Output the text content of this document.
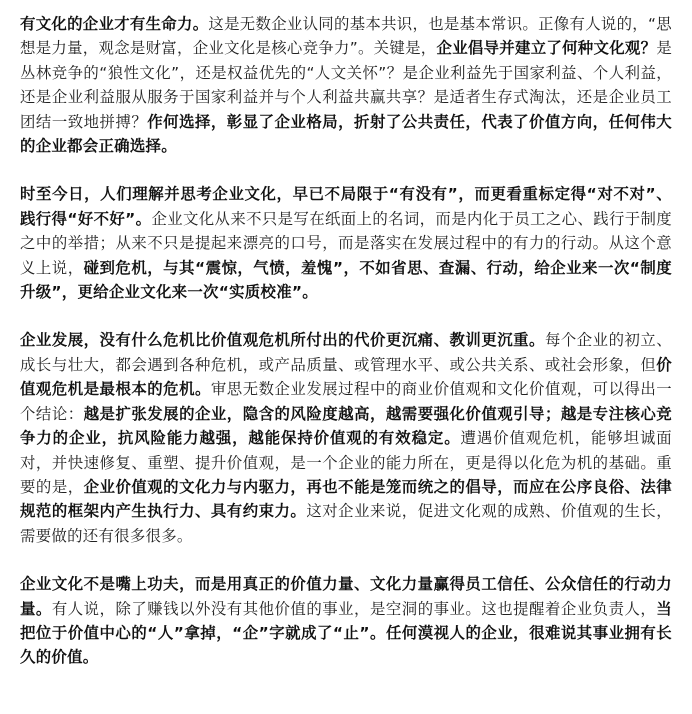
有文化的企业才有生命力。这是无数企业认同的基本共识，也是基本常识。正像有人说的，“思想是力量，观念是财富，企业文化是核心竞争力”。关键是，企业倡导并建立了何种文化观？是丛林竞争的“狼性文化”，还是权益优先的“人文关怀”？是企业利益先于国家利益、个人利益，还是企业利益服从服务于国家利益并与个人利益共赢共享？是适者生存式淘汰，还是企业员工团结一致地拼搏？作何选择，彰显了企业格局，折射了公共责任，代表了价值方向，任何伟大的企业都会正确选择。

时至今日，人们理解并思考企业文化，早已不局限于“有没有”，而更看重标定得“对不对”、践行得“好不好”。企业文化从来不只是写在纸面上的名词，而是内化于员工之心、践行于制度之中的举措；从来不只是提起来漂亮的口号，而是落实在发展过程中的有力的行动。从这个意义上说，碰到危机，与其“震惊，气愤，羞愧”，不如省思、查漏、行动，给企业来一次“制度升级”，更给企业文化来一次“实质校准”。

企业发展，没有什么危机比价值观危机所付出的代价更沉痛、教训更沉重。每个企业的初立、成长与壮大，都会遇到各种危机，或产品质量、或管理水平、或公共关系、或社会形象，但价值观危机是最根本的危机。审思无数企业发展过程中的商业价值观和文化价值观，可以得出一个结论：越是扩张发展的企业，隐含的风险度越高，越需要强化价值观引导；越是专注核心竞争力的企业，抗风险能力越强，越能保持价值观的有效稳定。遭遇价值观危机，能够坦诚面对，并快速修复、重塑、提升价值观，是一个企业的能力所在，更是得以化危为机的基础。重要的是，企业价值观的文化力与内驱力，再也不能是笼而统之的倡导，而应在公序良俗、法律规范的框架内产生执行力、具有约束力。这对企业来说，促进文化观的成熟、价值观的生长，需要做的还有很多很多。

企业文化不是嘴上功夫，而是用真正的价值力量、文化力量赢得员工信任、公众信任的行动力量。有人说，除了赚钱以外没有其他价值的事业，是空洞的事业。这也提醒着企业负责人，当把位于价值中心的“人”拿掉，“企”字就成了“止”。任何漠视人的企业，很难说其事业拥有长久的价值。
